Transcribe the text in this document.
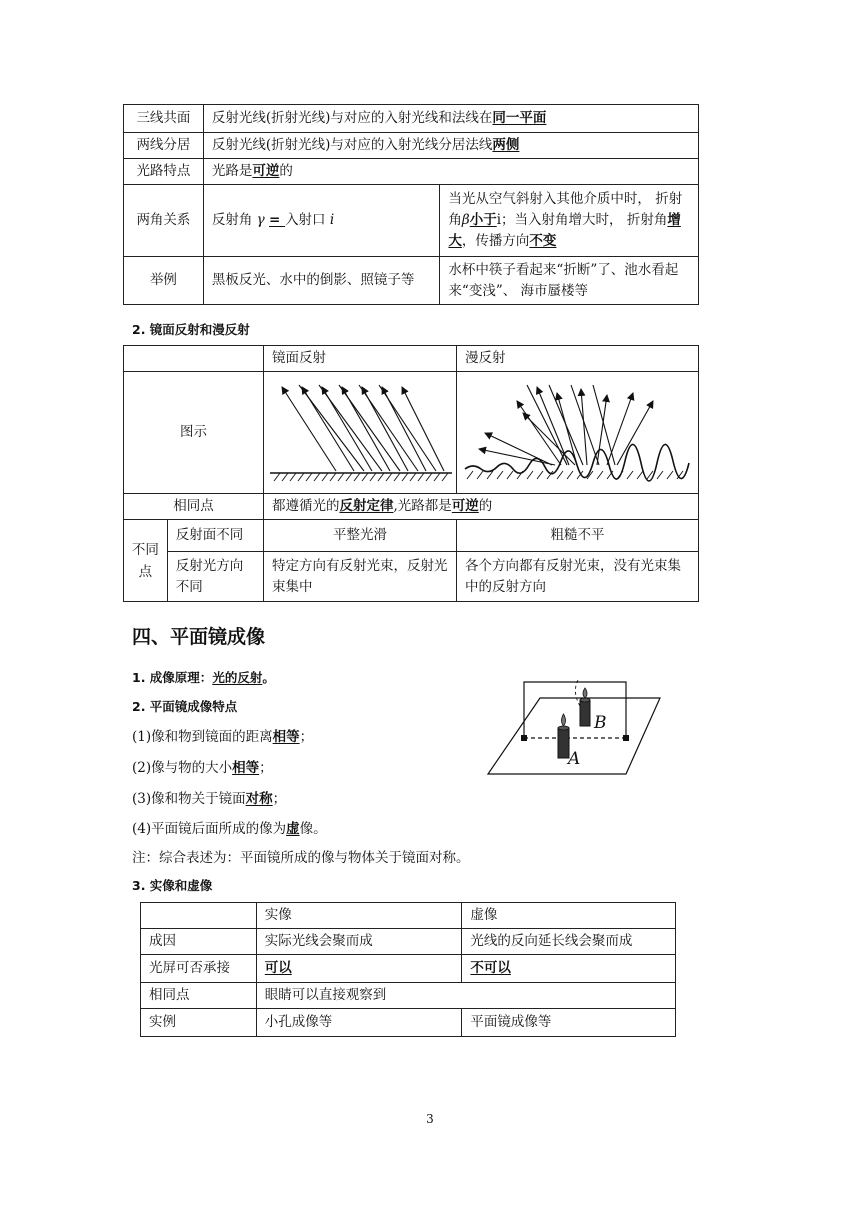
三线共面	反射光线(折射光线)与对应的入射光线和法线在同一平面	
两线分居	反射光线(折射光线)与对应的入射光线分居法线两侧	
光路特点	光路是可逆的	
两角关系	反射角 γ = 入射口 i	当光从空气斜射入其他介质中时， 折射角β小于i；当入射角增大时， 折射角增大，传播方向不变
举例	黑板反光、水中的倒影、照镜子等	水杯中筷子看起来“折断”了、池水看起来“变浅”、 海市蜃楼等
2. 镜面反射和漫反射
		镜面反射	漫反射
图示	

相同点		都遵循光的反射定律,光路都是可逆的	
不同点	反射面不同	平整光滑	粗糙不平
	反射光方向不同	特定方向有反射光束，反射光束集中	各个方向都有反射光束，没有光束集中的反射方向
四、平面镜成像
1. 成像原理：光的反射。
2. 平面镜成像特点
(1)像和物到镜面的距离相等；
(2)像与物的大小相等；
(3)像和物关于镜面对称；
(4)平面镜后面所成的像为虚像。
注：综合表述为：平面镜所成的像与物体关于镜面对称。
3. 实像和虚像
B
A
	实像	虚像
成因	实际光线会聚而成	光线的反向延长线会聚而成
光屏可否承接	可以	不可以
相同点	眼睛可以直接观察到	
实例	小孔成像等	平面镜成像等
3
